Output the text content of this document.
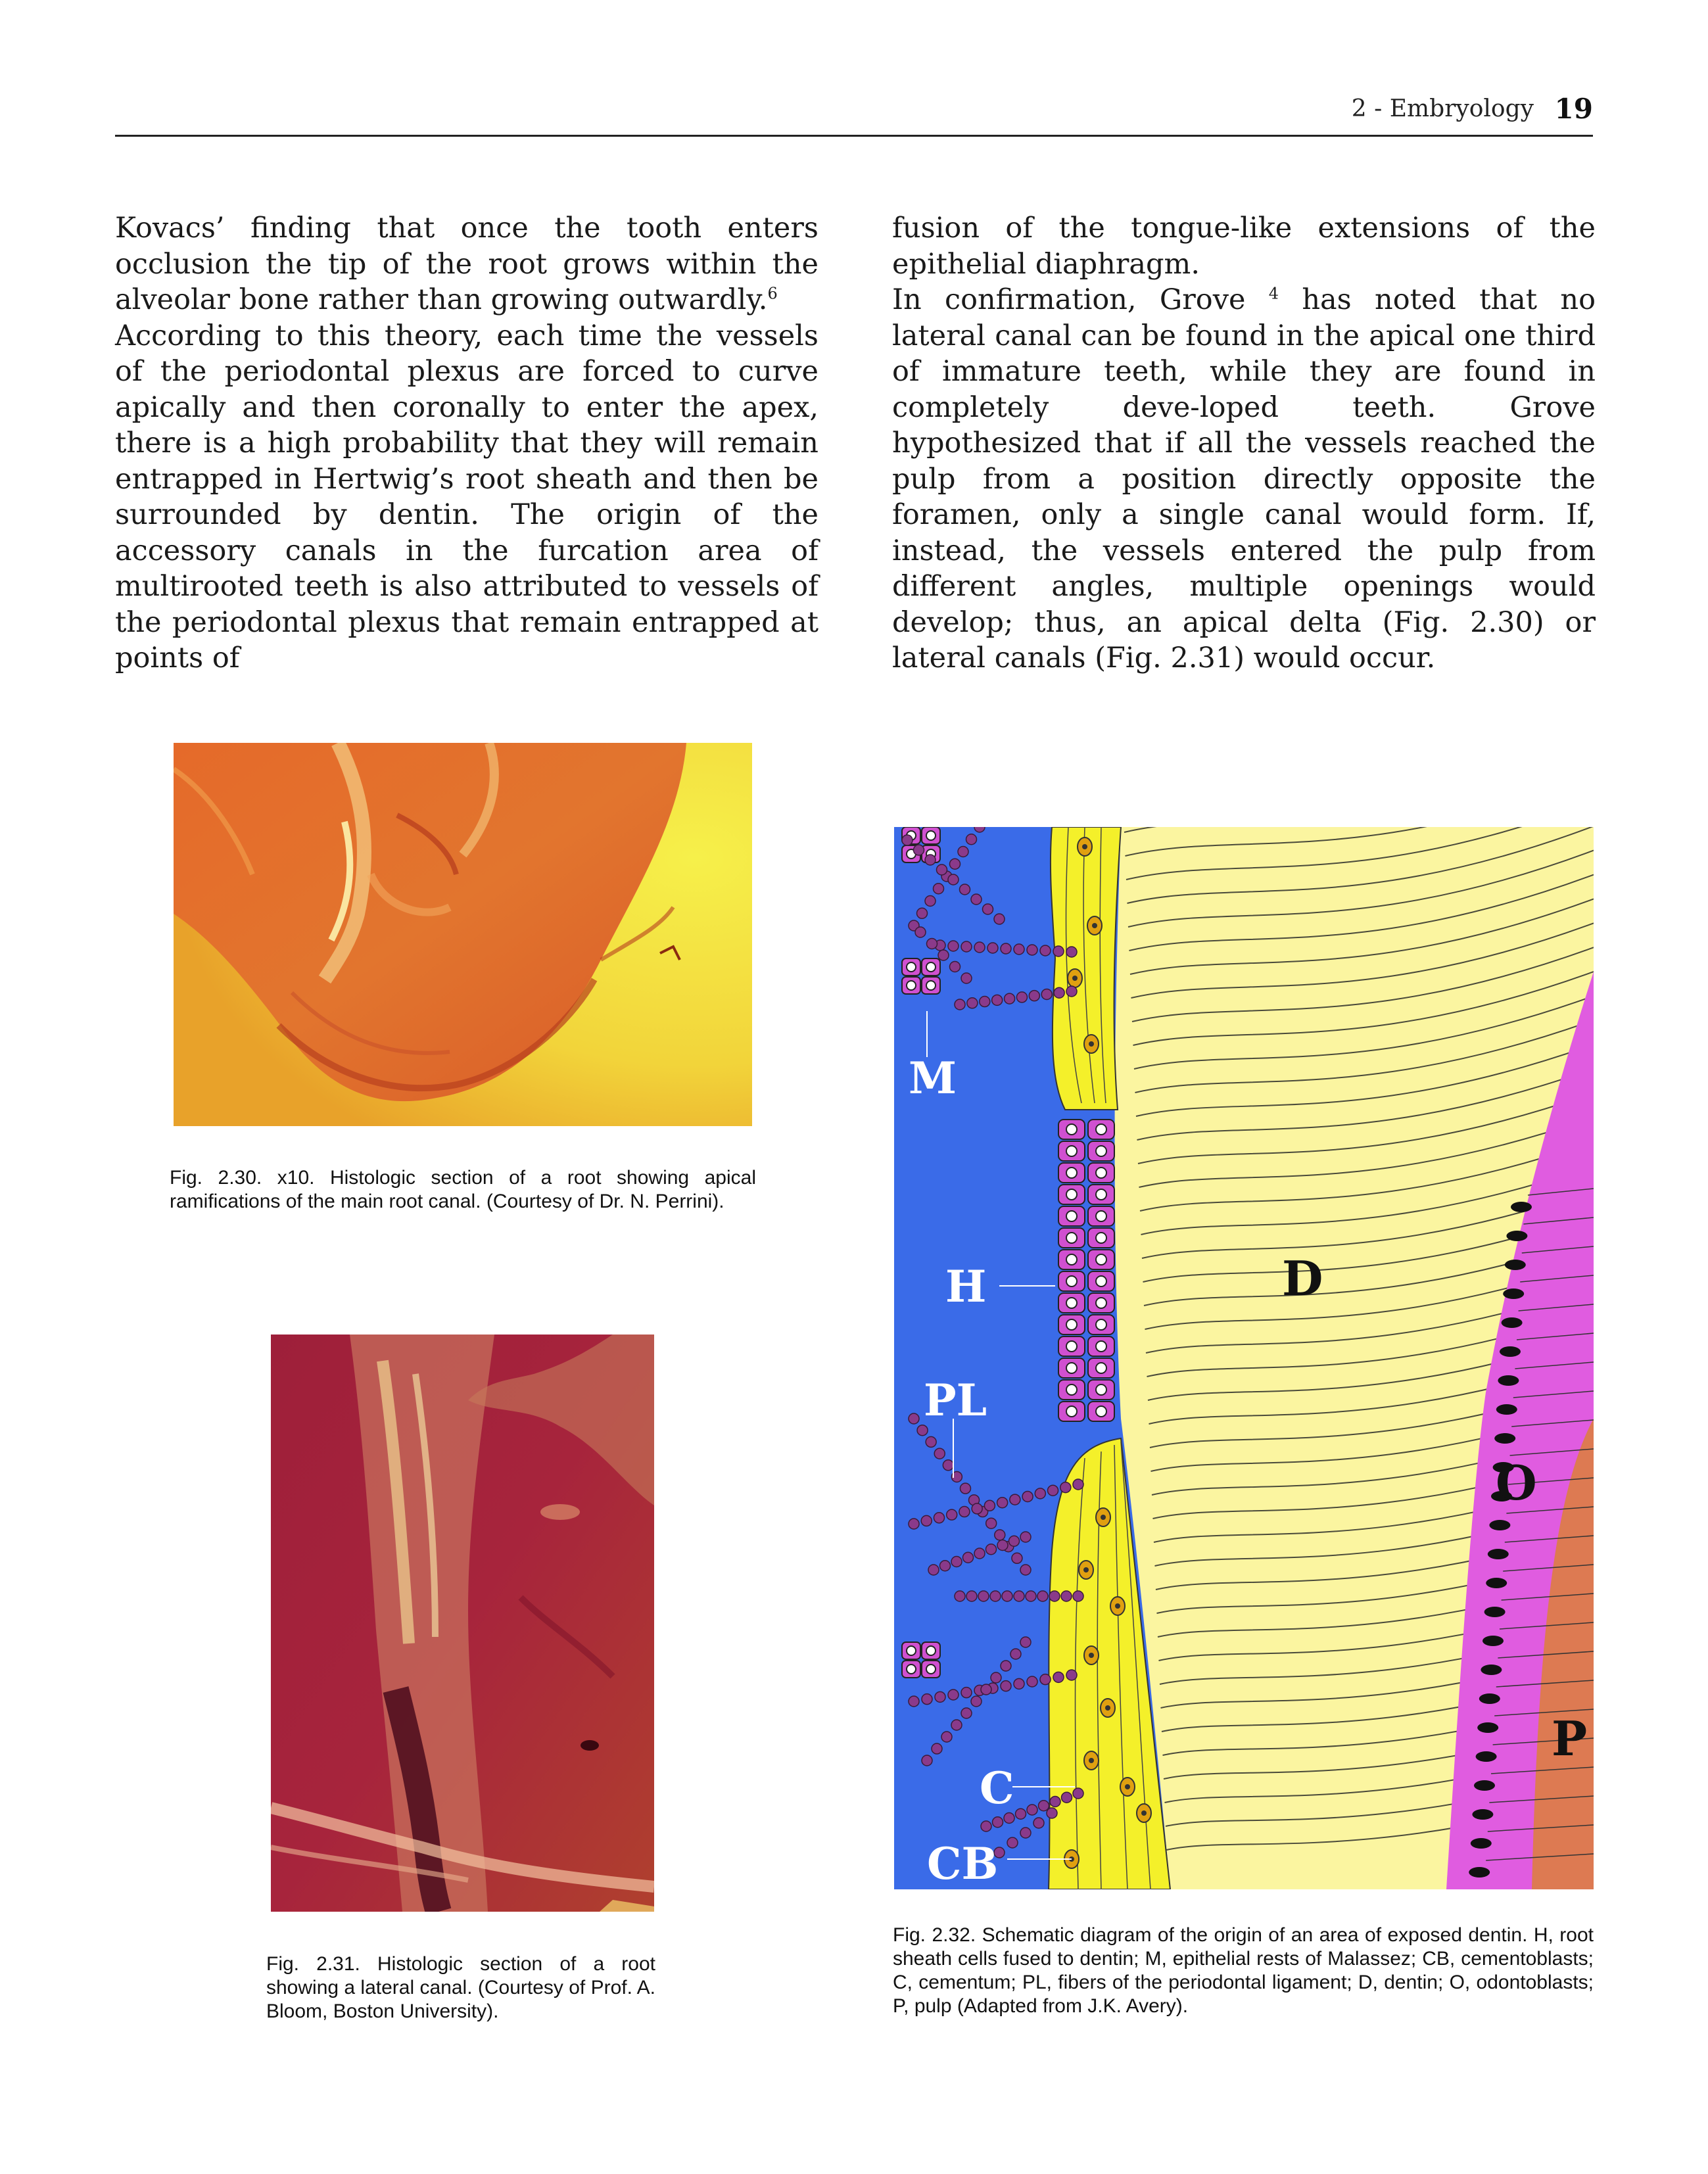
2 - Embryology 19

Kovacs’ finding that once the tooth enters occlusion the tip of the root grows within the alveolar bone rather than growing outwardly.$^6$

According to this theory, each time the vessels of the periodontal plexus are forced to curve apically and then coronally to enter the apex, there is a high probability that they will remain entrapped in Hertwig’s root sheath and then be surrounded by dentin. The origin of the accessory canals in the furcation area of multirooted teeth is also attributed to vessels of the periodontal plexus that remain entrapped at points of

fusion of the tongue-like extensions of the epithelial diaphragm.

In confirmation, Grove $^4$ has noted that no lateral canal can be found in the apical one third of immature teeth, while they are found in completely deve-loped teeth. Grove hypothesized that if all the vessels reached the pulp from a position directly opposite the foramen, only a single canal would form. If, instead, the vessels entered the pulp from different angles, multiple openings would develop; thus, an apical delta (Fig. 2.30) or lateral canals (Fig. 2.31) would occur.

Fig. 2.30. x10. Histologic section of a root showing apical ramifications of the main root canal. (Courtesy of Dr. N. Perrini).
Fig. 2.31. Histologic section of a root showing a lateral canal. (Courtesy of Prof. A. Bloom, Boston University).
M
H
PL
C
CB
D
O
P
Fig. 2.32. Schematic diagram of the origin of an area of exposed dentin. H, root sheath cells fused to dentin; M, epithelial rests of Malassez; CB, cementoblasts; C, cementum; PL, fibers of the periodontal ligament; D, dentin; O, odontoblasts; P, pulp (Adapted from J.K. Avery).
